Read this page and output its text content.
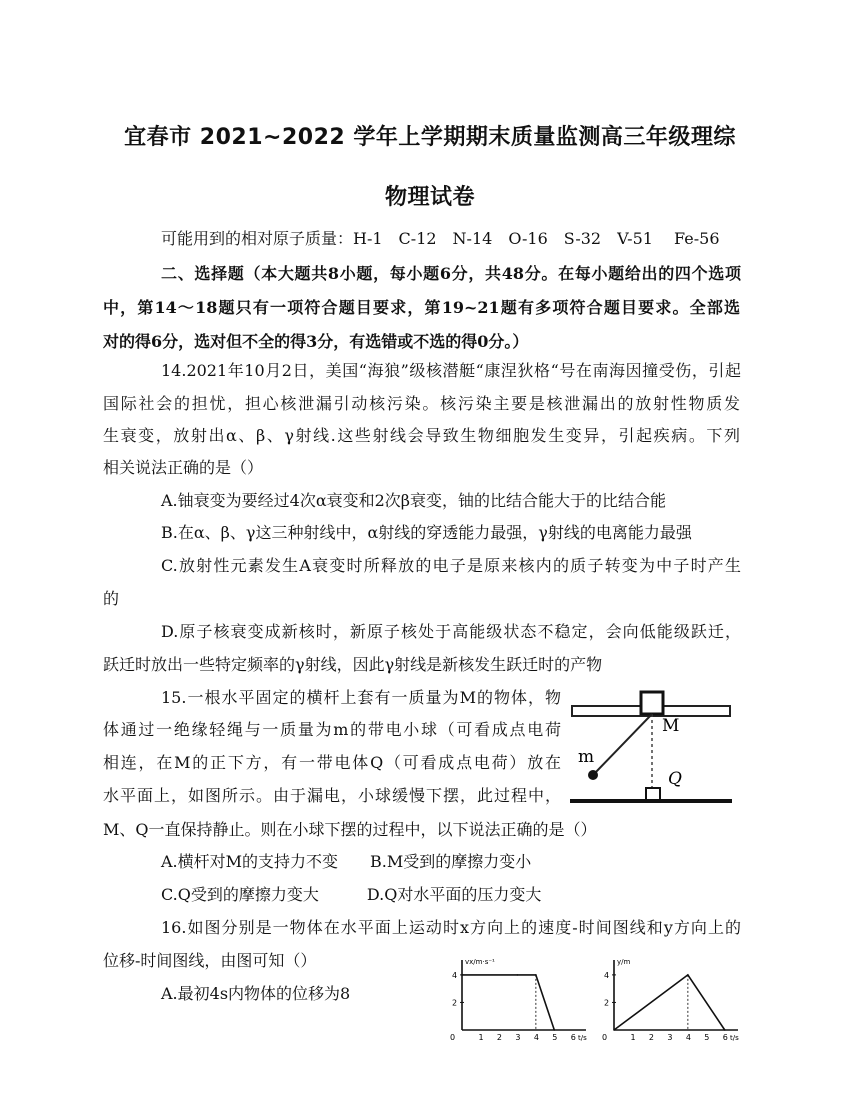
宜春市 2021~2022 学年上学期期末质量监测高三年级理综
物理试卷
可能用到的相对原子质量：H-1　C-12　N-14　O-16　S-32　V-51　 Fe-56
二、选择题（本大题共8小题，每小题6分，共48分。在每小题给出的四个选项
中，第14～18题只有一项符合题目要求，第19~21题有多项符合题目要求。全部选
对的得6分，选对但不全的得3分，有选错或不选的得0分。）
14.2021年10月2日，美国“海狼”级核潜艇“康涅狄格“号在南海因撞受伤，引起
国际社会的担忧，担心核泄漏引动核污染。核污染主要是核泄漏出的放射性物质发
生衰变，放射出α、β、γ射线.这些射线会导致生物细胞发生变异，引起疾病。下列
相关说法正确的是（）
A.铀衰变为要经过4次α衰变和2次β衰变，铀的比结合能大于的比结合能
B.在α、β、γ这三种射线中，α射线的穿透能力最强，γ射线的电离能力最强
C.放射性元素发生A衰变时所释放的电子是原来核内的质子转变为中子时产生
的
D.原子核衰变成新核时，新原子核处于高能级状态不稳定，会向低能级跃迁，
跃迁时放出一些特定频率的γ射线，因此γ射线是新核发生跃迁时的产物
15.一根水平固定的横杆上套有一质量为M的物体，物
体通过一绝缘轻绳与一质量为m的带电小球（可看成点电荷
相连，在M的正下方，有一带电体Q（可看成点电荷）放在
水平面上，如图所示。由于漏电，小球缓慢下摆，此过程中，
M、Q一直保持静止。则在小球下摆的过程中，以下说法正确的是（）
A.横杆对M的支持力不变　　B.M受到的摩擦力变小
C.Q受到的摩擦力变大　　　D.Q对水平面的压力变大
M
m
Q
16.如图分别是一物体在水平面上运动时x方向上的速度-时间图线和y方向上的
位移-时间图线，由图可知（）
A.最初4s内物体的位移为8
vx/m·s⁻¹
t/s
0	1 2 3 4 5 6
2
4
y/m
t/s
0	1 2 3 4 5 6
2
4
